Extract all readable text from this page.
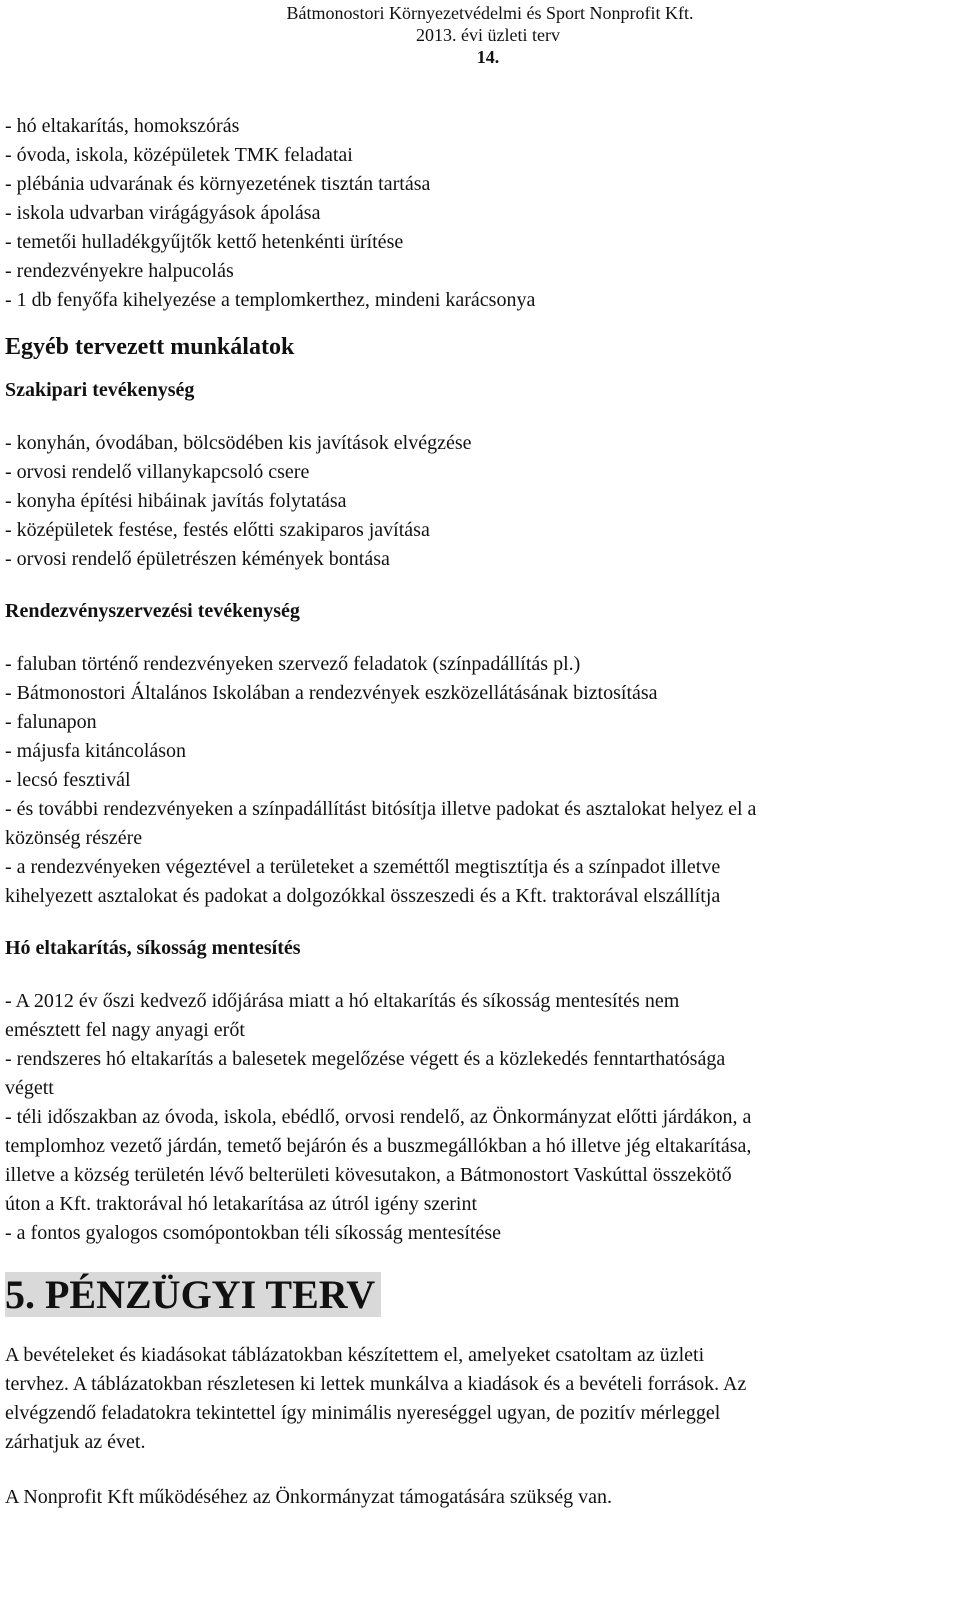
Bátmonostori Környezetvédelmi és Sport Nonprofit Kft.
2013. évi üzleti terv
14.
- hó eltakarítás, homokszórás
- óvoda, iskola, középületek TMK feladatai
- plébánia udvarának és környezetének tisztán tartása
- iskola udvarban virágágyások ápolása
- temetői hulladékgyűjtők kettő hetenkénti ürítése
- rendezvényekre halpucolás
- 1 db fenyőfa kihelyezése a templomkerthez, mindeni karácsonya
Egyéb tervezett munkálatok
Szakipari tevékenység
- konyhán, óvodában, bölcsödében kis javítások elvégzése
- orvosi rendelő villanykapcsoló csere
- konyha építési hibáinak javítás folytatása
- középületek festése, festés előtti szakiparos javítása
- orvosi rendelő épületrészen kémények bontása
Rendezvényszervezési tevékenység
- faluban történő rendezvényeken szervező feladatok (színpadállítás pl.)
- Bátmonostori Általános Iskolában a rendezvények eszközellátásának biztosítása
- falunapon
- májusfa kitáncoláson
- lecsó fesztivál
- és további rendezvényeken a színpadállítást bitósítja illetve padokat és asztalokat helyez el a
közönség részére
- a rendezvényeken végeztével a területeket a szeméttől megtisztítja és a színpadot illetve
kihelyezett asztalokat és padokat a dolgozókkal összeszedi és a Kft. traktorával elszállítja
Hó eltakarítás, síkosság mentesítés
- A 2012 év őszi kedvező időjárása miatt a hó eltakarítás és síkosság mentesítés nem
emésztett fel nagy anyagi erőt
- rendszeres hó eltakarítás a balesetek megelőzése végett és a közlekedés fenntarthatósága
végett
- téli időszakban az óvoda, iskola, ebédlő, orvosi rendelő, az Önkormányzat előtti járdákon, a
templomhoz vezető járdán, temető bejárón és a buszmegállókban a hó illetve jég eltakarítása,
illetve a község területén lévő belterületi kövesutakon, a Bátmonostort Vaskúttal összekötő
úton a Kft. traktorával hó letakarítása az útról igény szerint
- a fontos gyalogos csomópontokban téli síkosság mentesítése
5. PÉNZÜGYI TERV
A bevételeket és kiadásokat táblázatokban készítettem el, amelyeket csatoltam az üzleti
tervhez. A táblázatokban részletesen ki lettek munkálva a kiadások és a bevételi források. Az
elvégzendő feladatokra tekintettel így minimális nyereséggel ugyan, de pozitív mérleggel
zárhatjuk az évet.
A Nonprofit Kft működéséhez az Önkormányzat támogatására szükség van.
